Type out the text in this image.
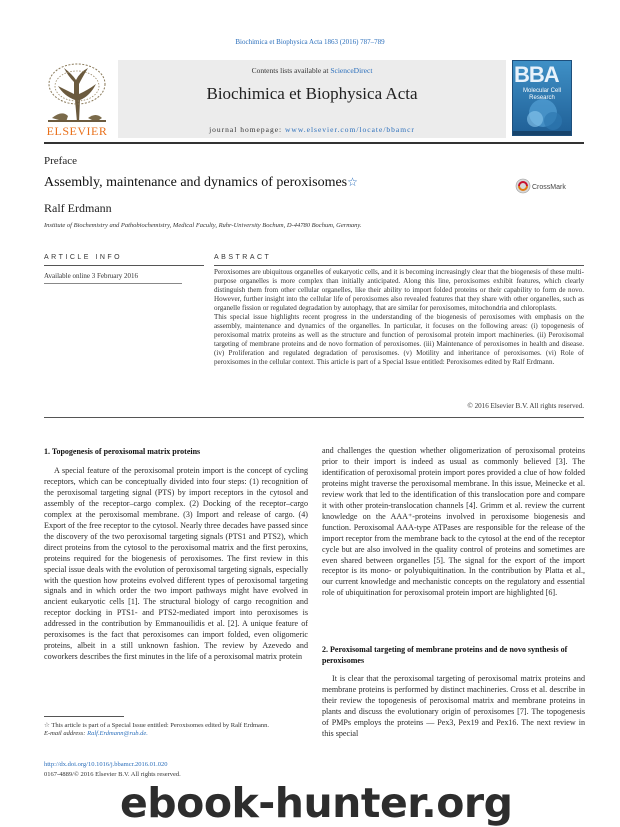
Biochimica et Biophysica Acta 1863 (2016) 787–789
Contents lists available at ScienceDirect
Biochimica et Biophysica Acta
journal homepage: www.elsevier.com/locate/bbamcr
ELSEVIER
BBA
Molecular Cell Research
Preface
Assembly, maintenance and dynamics of peroxisomes☆	CrossMark
Ralf Erdmann
Institute of Biochemistry and Pathobiochemistry, Medical Faculty, Ruhr-University Bochum, D-44780 Bochum, Germany.
ARTICLE INFO	ABSTRACT
Available online 3 February 2016	Peroxisomes are ubiquitous organelles of eukaryotic cells, and it is becoming increasingly clear that the biogenesis of these multi-purpose organelles is more complex than initially anticipated. Along this line, peroxisomes exhibit features, which clearly distinguish them from other cellular organelles, like their ability to import folded proteins or their capability to form de novo. However, further insight into the cellular life of peroxisomes also revealed features that they share with other organelles, such as organelle fission or regulated degradation by autophagy, that are similar for peroxisomes, mitochondria and chloroplasts.

This special issue highlights recent progress in the understanding of the biogenesis of peroxisomes with emphasis on the assembly, maintenance and dynamics of the organelles. In particular, it focuses on the following areas: (i) topogenesis of peroxisomal matrix proteins as well as the structure and function of peroxisomal protein import machineries. (ii) Peroxisomal targeting of membrane proteins and de novo formation of peroxisomes. (iii) Maintenance of peroxisomes in health and disease. (iv) Proliferation and regulated degradation of peroxisomes. (v) Motility and inheritance of peroxisomes. (vi) Role of peroxisomes in the cellular context. This article is part of a Special Issue entitled: Peroxisomes edited by Ralf Erdmann.

© 2016 Elsevier B.V. All rights reserved.
1. Topogenesis of peroxisomal matrix proteins

A special feature of the peroxisomal protein import is the concept of cycling receptors, which can be conceptually divided into four steps: (1) recognition of the peroxisomal targeting signal (PTS) by import receptors in the cytosol and assembly of the receptor–cargo complex. (2) Docking of the receptor–cargo complex at the peroxisomal membrane. (3) Import and release of cargo. (4) Export of the free receptor to the cytosol. Nearly three decades have passed since the discovery of the two peroxisomal targeting signals (PTS1 and PTS2), which direct proteins from the cytosol to the peroxisomal matrix and the first peroxins, proteins required for the biogenesis of peroxisomes. The first review in this special issue deals with the evolution of peroxisomal targeting signals, especially with the question how proteins evolved different types of peroxisomal targeting signals and in which order the two import pathways might have evolved in ancient eukaryotic cells [1]. The structural biology of cargo recognition and receptor docking in PTS1- and PTS2-mediated import into peroxisomes is addressed in the contribution by Emmanouilidis et al. [2]. A unique feature of peroxisomes is the fact that peroxisomes can import folded, even oligomeric proteins, albeit in a still unknown fashion. The review by Azevedo and coworkers describes the first minutes in the life of a peroxisomal matrix protein

and challenges the question whether oligomerization of peroxisomal proteins prior to their import is indeed as usual as commonly believed [3]. The identification of peroxisomal protein import pores provided a clue of how folded proteins might traverse the peroxisomal membrane. In this issue, Meinecke et al. review work that led to the identification of this translocation pore and compare it with other protein-translocation channels [4]. Grimm et al. review the current knowledge on the AAA⁺-proteins involved in peroxisome biogenesis and function. Peroxisomal AAA-type ATPases are responsible for the release of the import receptor from the membrane back to the cytosol at the end of the receptor cycle but are also involved in the quality control of proteins and sometimes are even shared between organelles [5]. The signal for the export of the import receptor is its mono- or polyubiquitination. In the contribution by Platta et al., our current knowledge and mechanistic concepts on the regulatory and essential role of ubiquitination for peroxisomal protein import are highlighted [6].

2. Peroxisomal targeting of membrane proteins and de novo synthesis of peroxisomes

It is clear that the peroxisomal targeting of peroxisomal matrix proteins and membrane proteins is performed by distinct machineries. Cross et al. describe in their review the topogenesis of peroxisomal matrix and membrane proteins in plants and discuss the evolutionary origin of peroxisomes [7]. The topogenesis of PMPs employs the proteins — Pex3, Pex19 and Pex16. The next review in this special

☆ This article is part of a Special Issue entitled: Peroxisomes edited by Ralf Erdmann.
E-mail address: Ralf.Erdmann@rub.de.
http://dx.doi.org/10.1016/j.bbamcr.2016.01.020
0167-4889/© 2016 Elsevier B.V. All rights reserved.
ebook-hunter.org
